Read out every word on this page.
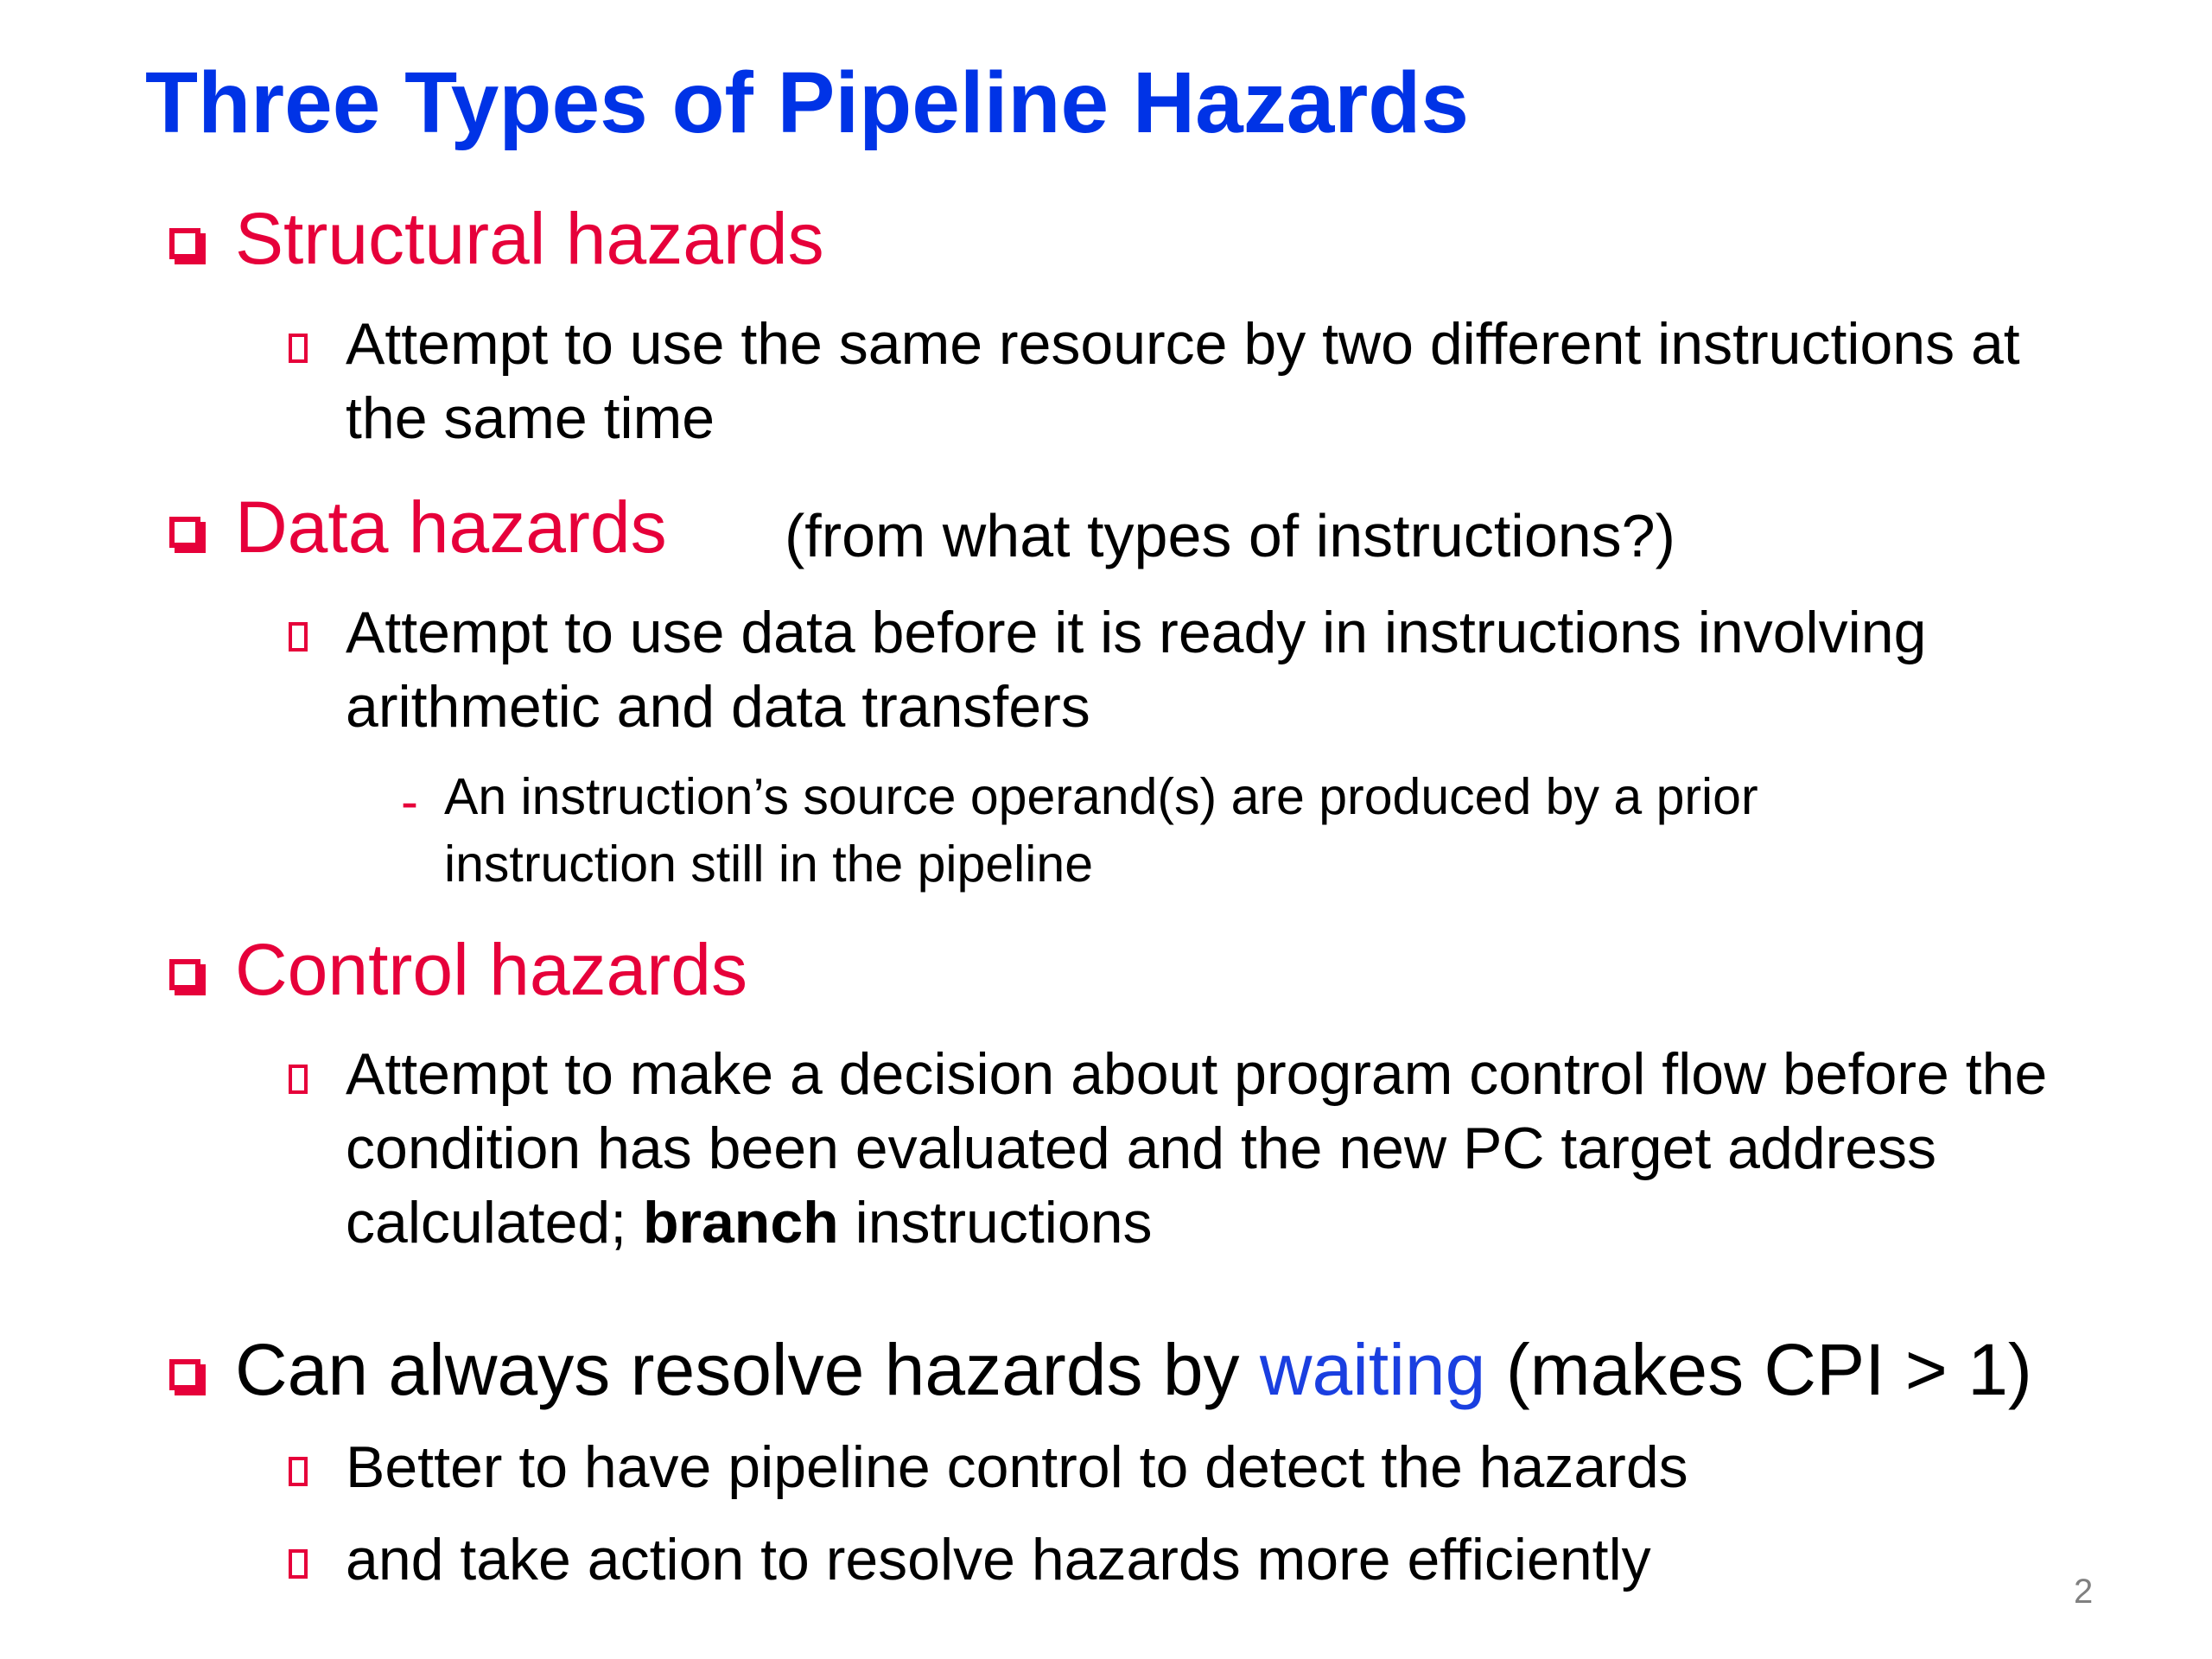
Three Types of Pipeline Hazards
Structural hazards
Attempt to use the same resource by two different instructions at the same time
Data hazards (from what types of instructions?)
Attempt to use data before it is ready in instructions involving arithmetic and data transfers
- An instruction’s source operand(s) are produced by a prior instruction still in the pipeline
Control hazards
Attempt to make a decision about program control flow before the condition has been evaluated and the new PC target address calculated; branch instructions
Can always resolve hazards by waiting (makes CPI > 1)
Better to have pipeline control to detect the hazards
and take action to resolve hazards more efficiently	2
